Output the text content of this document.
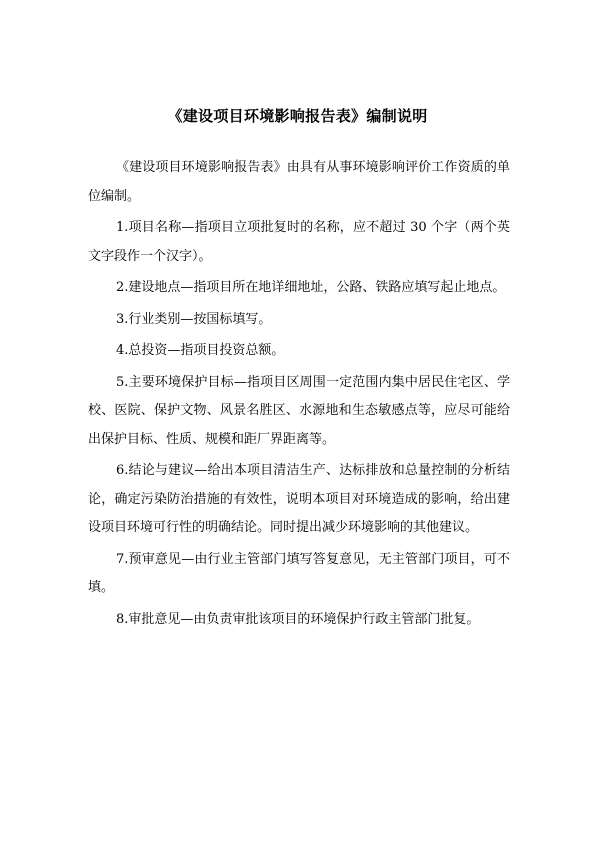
《建设项目环境影响报告表》编制说明

《建设项目环境影响报告表》由具有从事环境影响评价工作资质的单位编制。

1.项目名称—指项目立项批复时的名称，应不超过 30 个字（两个英文字段作一个汉字）。

2.建设地点—指项目所在地详细地址，公路、铁路应填写起止地点。

3.行业类别—按国标填写。

4.总投资—指项目投资总额。

5.主要环境保护目标—指项目区周围一定范围内集中居民住宅区、学校、医院、保护文物、风景名胜区、水源地和生态敏感点等，应尽可能给出保护目标、性质、规模和距厂界距离等。

6.结论与建议—给出本项目清洁生产、达标排放和总量控制的分析结论，确定污染防治措施的有效性，说明本项目对环境造成的影响，给出建设项目环境可行性的明确结论。同时提出减少环境影响的其他建议。

7.预审意见—由行业主管部门填写答复意见，无主管部门项目，可不填。

8.审批意见—由负责审批该项目的环境保护行政主管部门批复。
